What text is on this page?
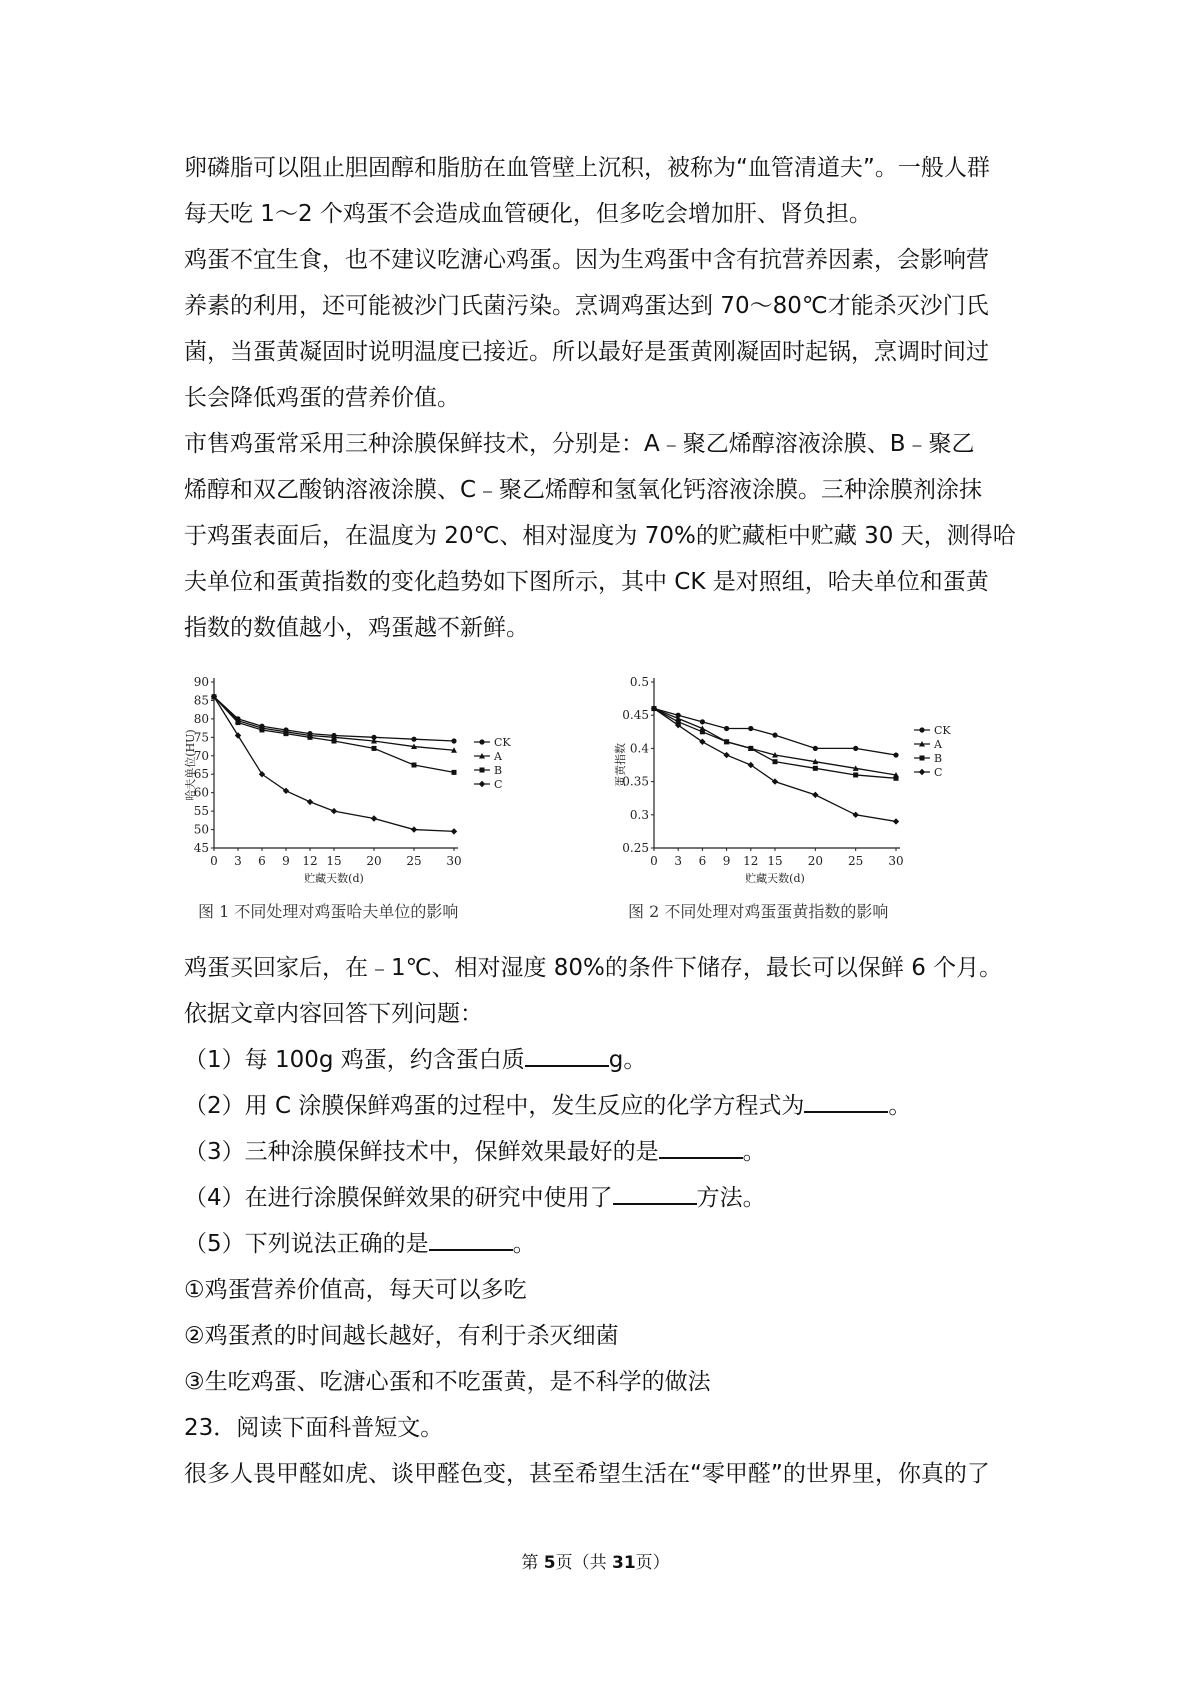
卵磷脂可以阻止胆固醇和脂肪在血管壁上沉积，被称为“血管清道夫”。一般人群
每天吃 1～2 个鸡蛋不会造成血管硬化，但多吃会增加肝、肾负担。
鸡蛋不宜生食，也不建议吃溏心鸡蛋。因为生鸡蛋中含有抗营养因素，会影响营
养素的利用，还可能被沙门氏菌污染。烹调鸡蛋达到 70～80℃才能杀灭沙门氏
菌，当蛋黄凝固时说明温度已接近。所以最好是蛋黄刚凝固时起锅，烹调时间过
长会降低鸡蛋的营养价值。
市售鸡蛋常采用三种涂膜保鲜技术，分别是：A﹣聚乙烯醇溶液涂膜、B﹣聚乙
烯醇和双乙酸钠溶液涂膜、C﹣聚乙烯醇和氢氧化钙溶液涂膜。三种涂膜剂涂抹
于鸡蛋表面后，在温度为 20℃、相对湿度为 70%的贮藏柜中贮藏 30 天，测得哈
夫单位和蛋黄指数的变化趋势如下图所示，其中 CK 是对照组，哈夫单位和蛋黄
指数的数值越小，鸡蛋越不新鲜。
45
50
55
60
65
70
75
80
85
90
0 3 6 9 12 15 20 25 30
贮藏天数(d)
哈夫单位(HU)	CK
A
B
C
图 1 不同处理对鸡蛋哈夫单位的影响
0.25
0.3
0.35
0.4
0.45
0.5
0 3 6 9 12 15 20 25 30
贮藏天数(d)
蛋黄指数
CK
A
B
C
图 2 不同处理对鸡蛋蛋黄指数的影响
鸡蛋买回家后，在﹣1℃、相对湿度 80%的条件下储存，最长可以保鲜 6 个月。
依据文章内容回答下列问题：
（1）每 100g 鸡蛋，约含蛋白质	g。
（2）用 C 涂膜保鲜鸡蛋的过程中，发生反应的化学方程式为	。
（3）三种涂膜保鲜技术中，保鲜效果最好的是	。
（4）在进行涂膜保鲜效果的研究中使用了	方法。
（5）下列说法正确的是	。
①鸡蛋营养价值高，每天可以多吃
②鸡蛋煮的时间越长越好，有利于杀灭细菌
③生吃鸡蛋、吃溏心蛋和不吃蛋黄，是不科学的做法
23．阅读下面科普短文。
很多人畏甲醛如虎、谈甲醛色变，甚至希望生活在“零甲醛”的世界里，你真的了
第 5页（共 31页）
